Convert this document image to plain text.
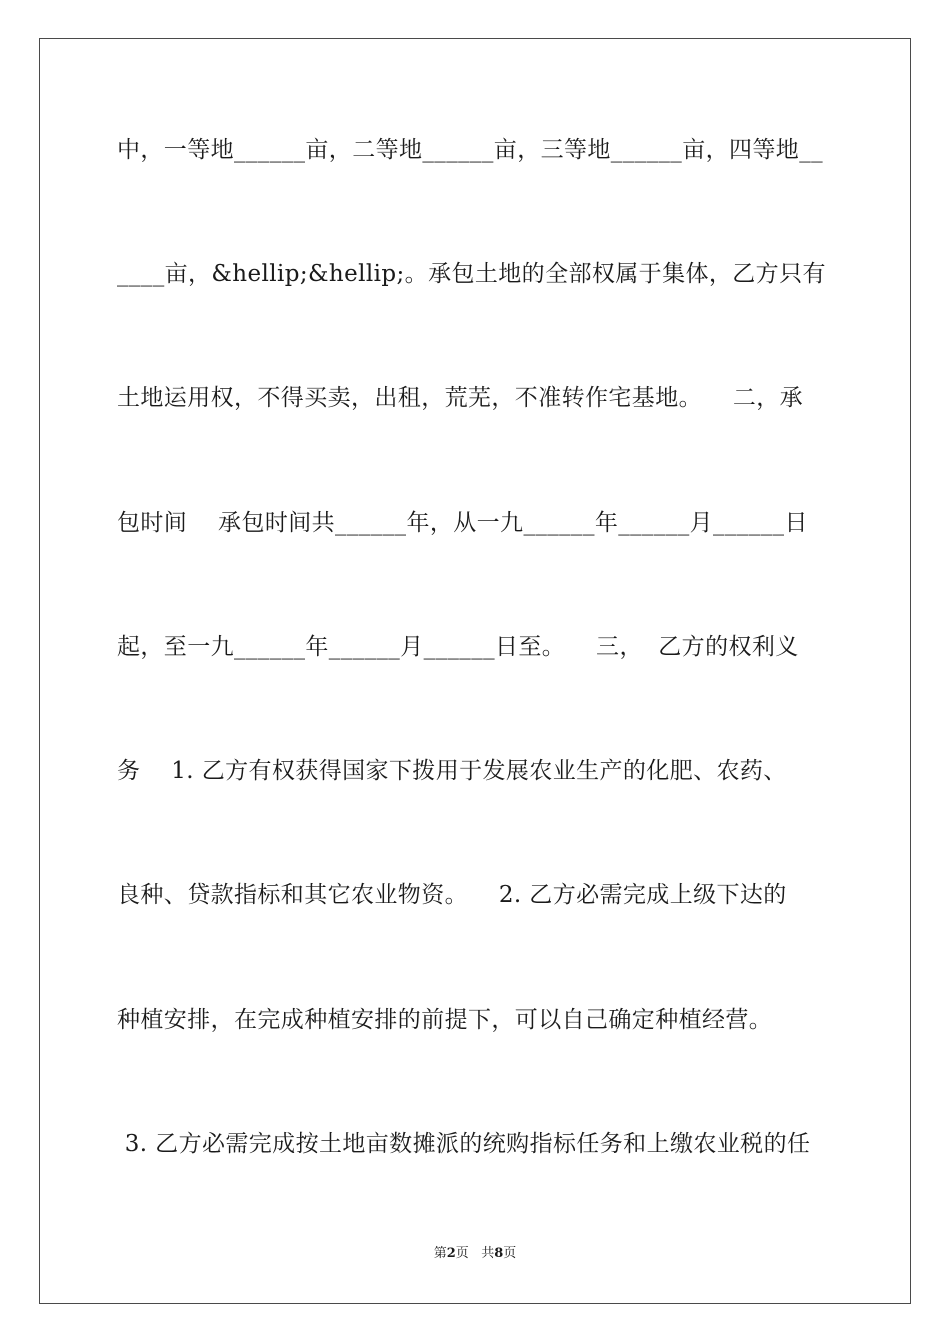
中，一等地______亩，二等地______亩，三等地______亩，四等地__
____亩，&hellip;&hellip;。承包土地的全部权属于集体，乙方只有
土地运用权，不得买卖，出租，荒芜，不准转作宅基地。    二，承
包时间    承包时间共______年，从一九______年______月______日
起，至一九______年______月______日至。    三，  乙方的权利义
务    1. 乙方有权获得国家下拨用于发展农业生产的化肥、农药、
良种、贷款指标和其它农业物资。    2. 乙方必需完成上级下达的
种植安排，在完成种植安排的前提下，可以自己确定种植经营。
3. 乙方必需完成按土地亩数摊派的统购指标任务和上缴农业税的任
第2页 共8页
